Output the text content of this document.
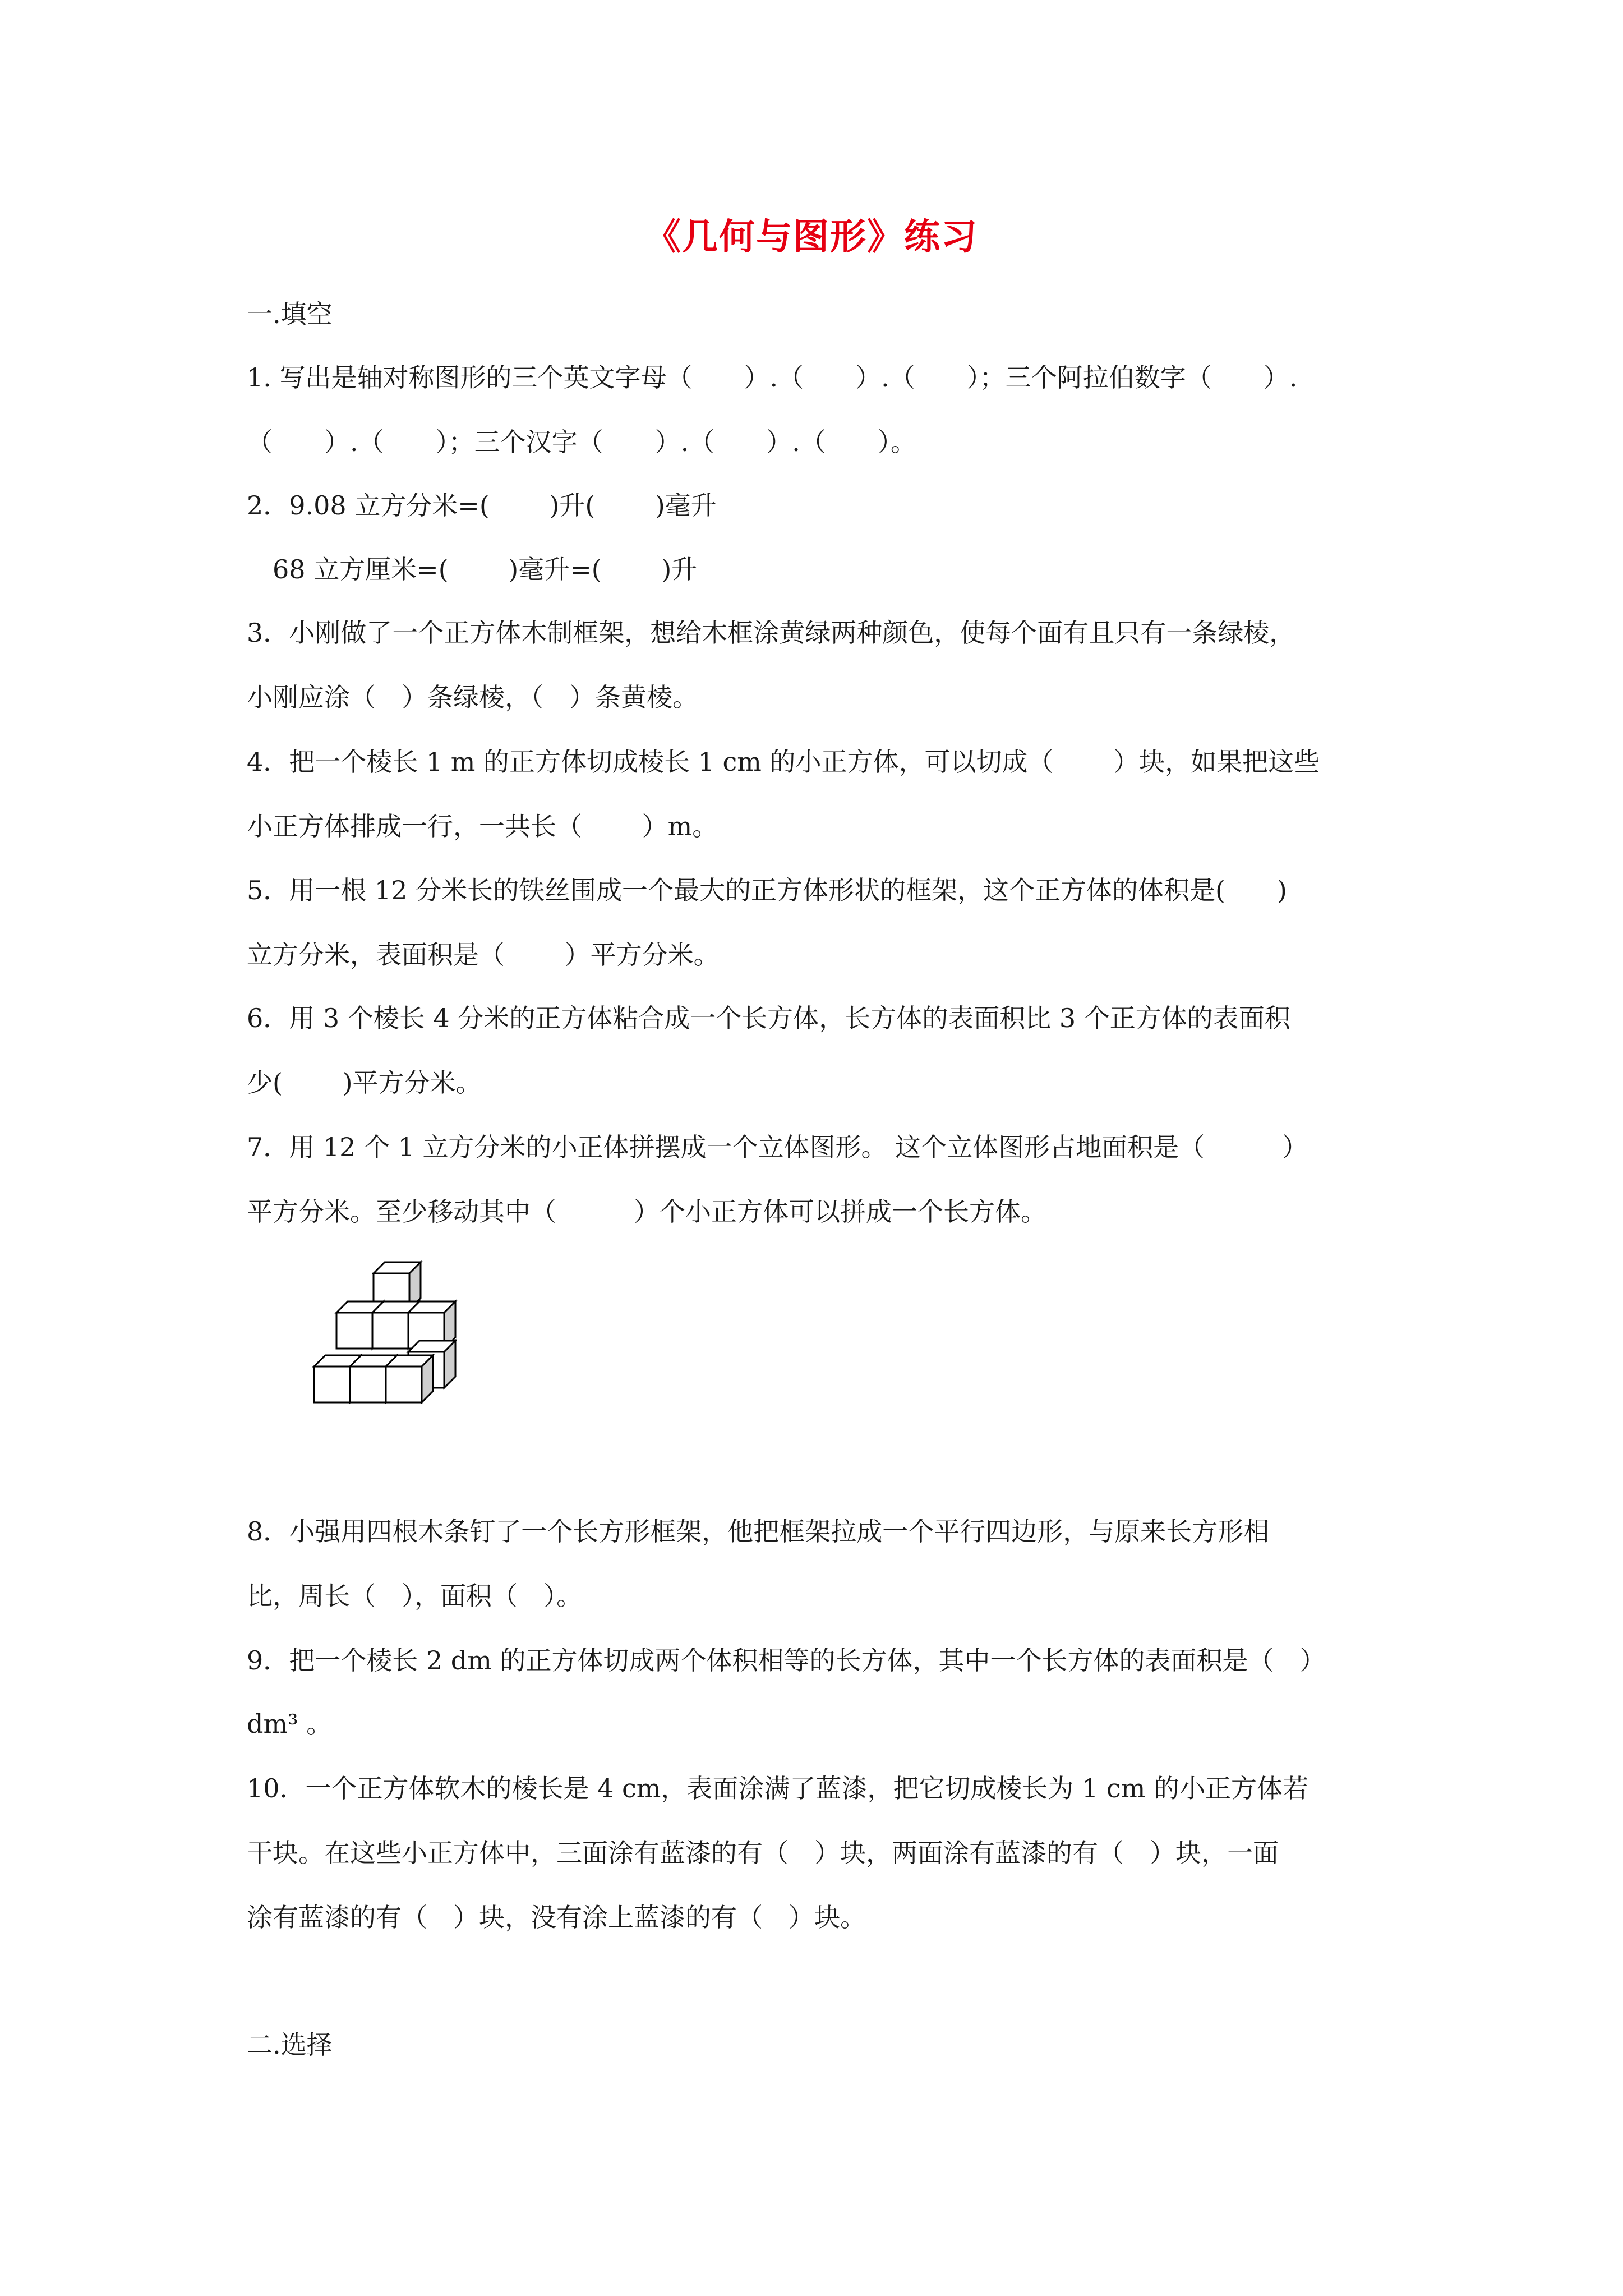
《几何与图形》练习
一.填空
1. 写出是轴对称图形的三个英文字母（　　）.（　　）.（　　）；三个阿拉伯数字（　　）.
（　　）.（　　）；三个汉字（　　）.（　　）.（　　）。
2．9.08 立方分米=(　　 )升(　　 )毫升
　68 立方厘米=(　　 )毫升=(　　 )升
3．小刚做了一个正方体木制框架，想给木框涂黄绿两种颜色，使每个面有且只有一条绿棱，
小刚应涂（　）条绿棱，（　）条黄棱。
4．把一个棱长 1 m 的正方体切成棱长 1 cm 的小正方体，可以切成（　　 ）块，如果把这些
小正方体排成一行，一共长（　　 ）m。
5．用一根 12 分米长的铁丝围成一个最大的正方体形状的框架，这个正方体的体积是(　　)
立方分米，表面积是（　　 ）平方分米。
6．用 3 个棱长 4 分米的正方体粘合成一个长方体，长方体的表面积比 3 个正方体的表面积
少(　　 )平方分米。
7．用 12 个 1 立方分米的小正体拼摆成一个立体图形。 这个立体图形占地面积是（　　　）
平方分米。至少移动其中（　　　）个小正方体可以拼成一个长方体。
8．小强用四根木条钉了一个长方形框架，他把框架拉成一个平行四边形，与原来长方形相
比，周长（　），面积（　）。
9．把一个棱长 2 dm 的正方体切成两个体积相等的长方体，其中一个长方体的表面积是（　）
dm³ 。
10．一个正方体软木的棱长是 4 cm，表面涂满了蓝漆，把它切成棱长为 1 cm 的小正方体若
干块。在这些小正方体中，三面涂有蓝漆的有（　）块，两面涂有蓝漆的有（　）块，一面
涂有蓝漆的有（　）块，没有涂上蓝漆的有（　）块。
二.选择
